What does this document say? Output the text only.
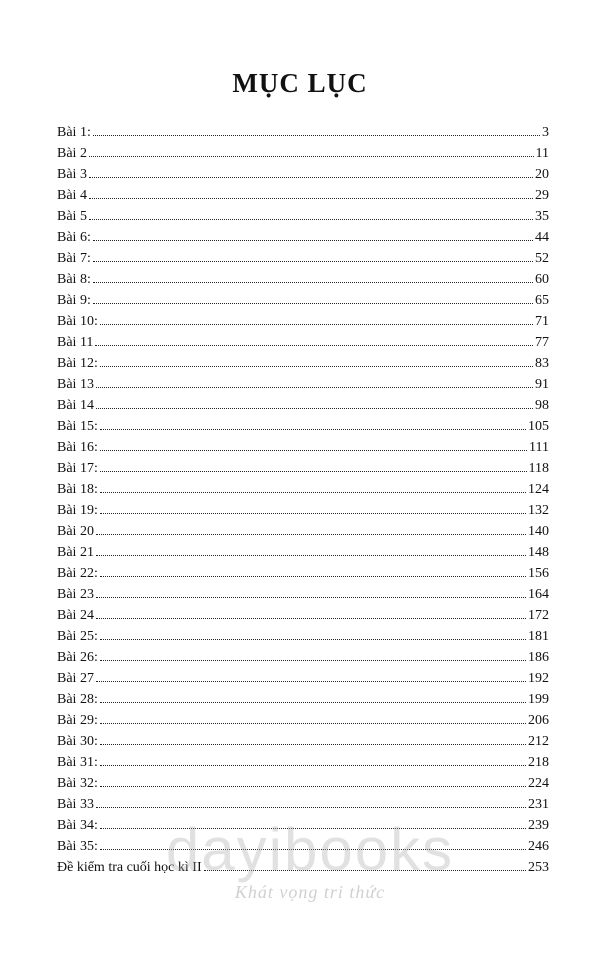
MỤC LỤC
Bài 1:	3
Bài 2	11
Bài 3	20
Bài 4	29
Bài 5	35
Bài 6:	44
Bài 7:	52
Bài 8:	60
Bài 9:	65
Bài 10:	71
Bài 11	77
Bài 12:	83
Bài 13	91
Bài 14	98
Bài 15:	105
Bài 16:	111
Bài 17:	118
Bài 18:	124
Bài 19:	132
Bài 20	140
Bài 21	148
Bài 22:	156
Bài 23	164
Bài 24	172
Bài 25:	181
Bài 26:	186
Bài 27	192
Bài 28:	199
Bài 29:	206
Bài 30:	212
Bài 31:	218
Bài 32:	224
Bài 33	231
Bài 34:	239
Bài 35:	246
Đề kiểm tra cuối học kì II	253
dayibooks
Khát vọng tri thức
